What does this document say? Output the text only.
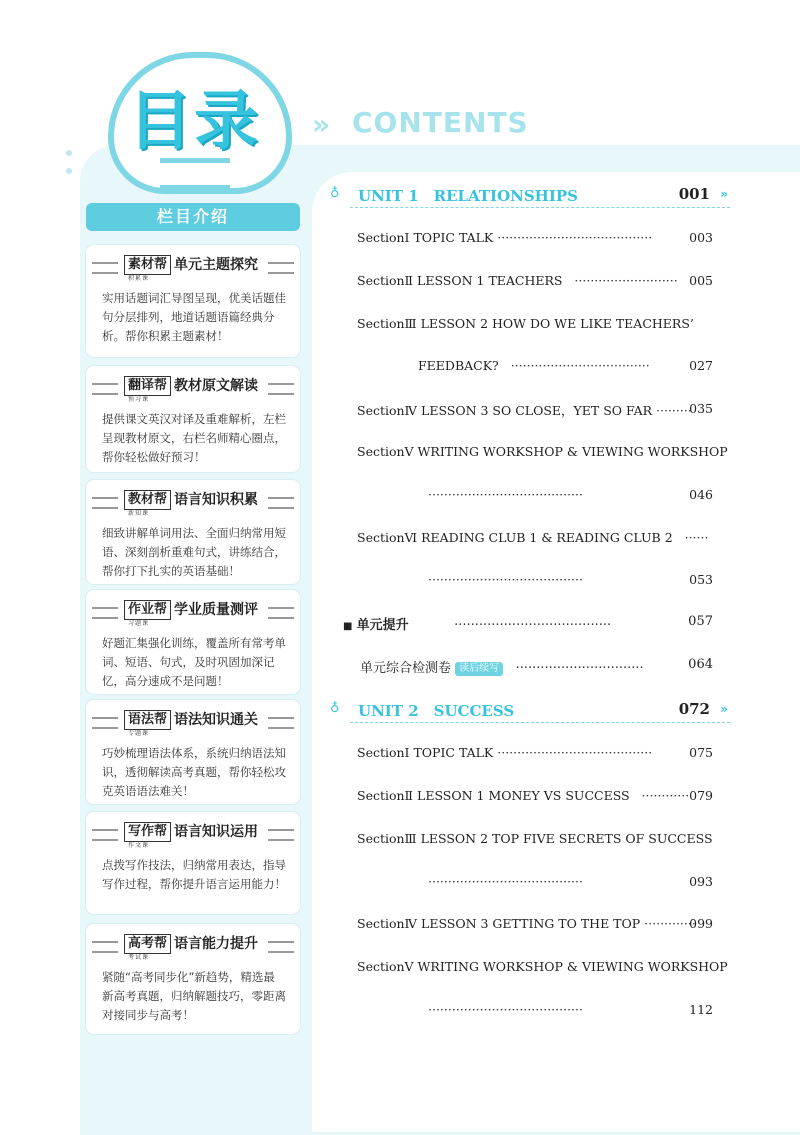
目录 » CONTENTS
栏目介绍
素材帮
积累课
单元主题探究
实用话题词汇导图呈现，优美话题佳句分层排列，地道话题语篇经典分析。帮你积累主题素材！
翻译帮
预习课
教材原文解读
提供课文英汉对译及重难解析，左栏呈现教材原文，右栏名师精心圈点，帮你轻松做好预习！
教材帮
新知课
语言知识积累
细致讲解单词用法、全面归纳常用短语、深刻剖析重难句式，讲练结合，帮你打下扎实的英语基础！
作业帮
习题课
学业质量测评
好题汇集强化训练，覆盖所有常考单词、短语、句式，及时巩固加深记忆，高分速成不是问题！
语法帮
专题课
语法知识通关
巧妙梳理语法体系，系统归纳语法知识，透彻解读高考真题，帮你轻松攻克英语语法难关！
写作帮
作文课
语言知识运用
点拨写作技法，归纳常用表达，指导写作过程，帮你提升语言运用能力！
高考帮
考试课
语言能力提升
紧随“高考同步化”新趋势，精选最新高考真题，归纳解题技巧，零距离对接同步与高考！
♁	UNIT 1　RELATIONSHIPS	001 »
SectionⅠ TOPIC TALK ·······································	003
SectionⅡ LESSON 1 TEACHERS ·························· 005
SectionⅢ LESSON 2 HOW DO WE LIKE TEACHERS’
FEEDBACK? ···································	027
SectionⅣ LESSON 3 SO CLOSE，YET SO FAR ·········
035
SectionⅤ WRITING WORKSHOP & VIEWING WORKSHOP
·······································	046
SectionⅥ READING CLUB 1 & READING CLUB 2 ······
·······································	053
■ 单元提升	······································	057
单元综合检测卷 读后续写 ·······························	064
♁	UNIT 2　SUCCESS	072 »
SectionⅠ TOPIC TALK ·······································	075
SectionⅡ LESSON 1 MONEY VS SUCCESS ············ 079
SectionⅢ LESSON 2 TOP FIVE SECRETS OF SUCCESS
·······································	093
SectionⅣ LESSON 3 GETTING TO THE TOP ·············
099
SectionⅤ WRITING WORKSHOP & VIEWING WORKSHOP
·······································	112
